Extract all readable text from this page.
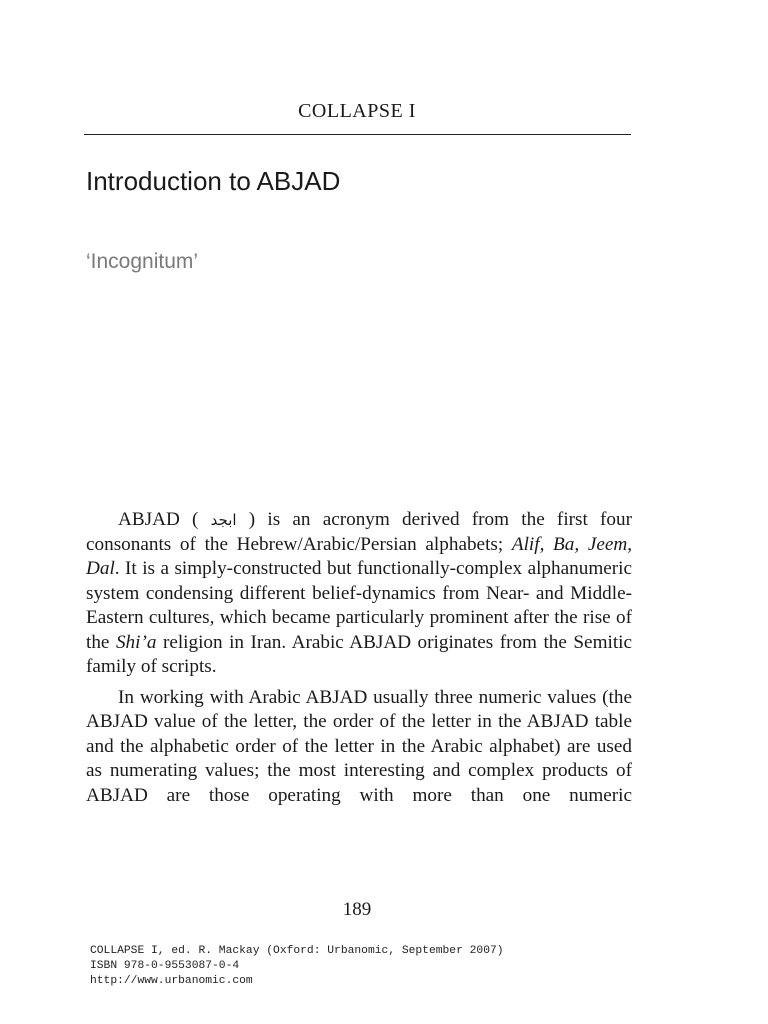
COLLAPSE I
Introduction to ABJAD
‘Incognitum’

ABJAD ( ابجد ) is an acronym derived from the first four consonants of the Hebrew/Arabic/Persian alphabets; Alif, Ba, Jeem, Dal. It is a simply-constructed but functionally-complex alphanumeric system condensing different belief-dynamics from Near- and Middle-Eastern cultures, which became particularly prominent after the rise of the Shi’a religion in Iran. Arabic ABJAD originates from the Semitic family of scripts.

In working with Arabic ABJAD usually three numeric values (the ABJAD value of the letter, the order of the letter in the ABJAD table and the alphabetic order of the letter in the Arabic alphabet) are used as numerating values; the most interesting and complex products of ABJAD are those operating with more than one numeric

189
COLLAPSE I, ed. R. Mackay (Oxford: Urbanomic, September 2007)
ISBN 978-0-9553087-0-4
http://www.urbanomic.com
